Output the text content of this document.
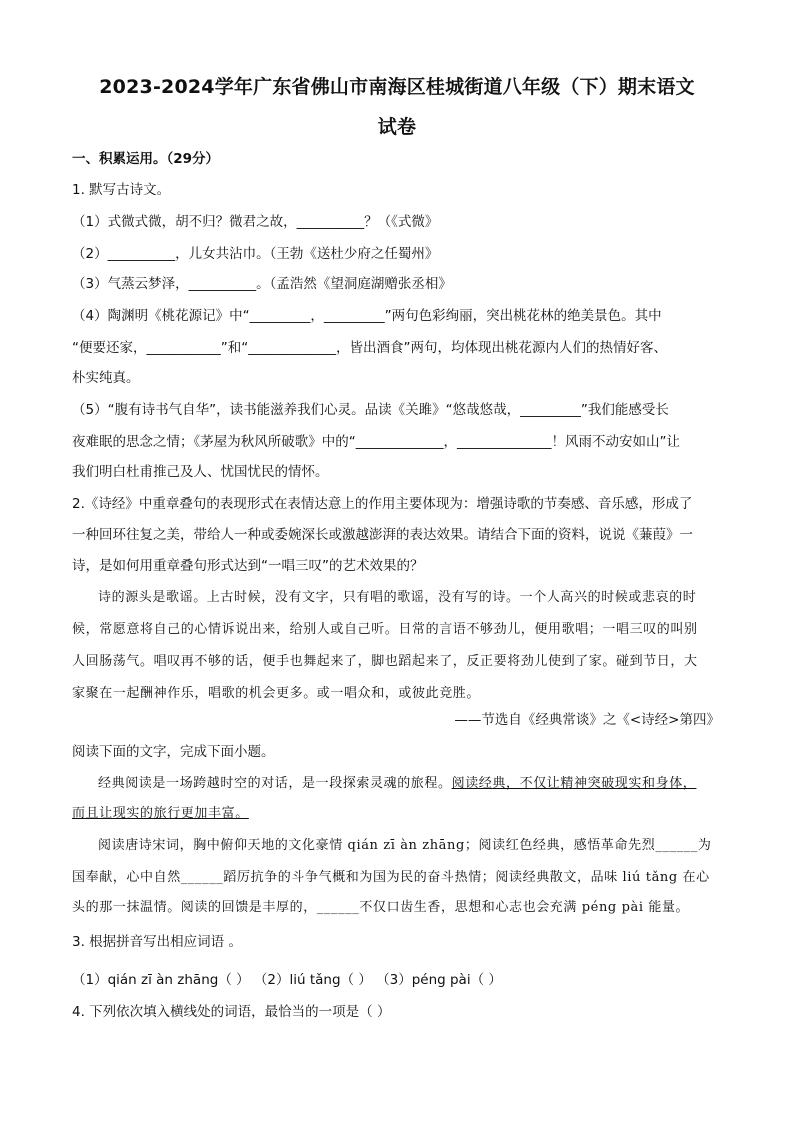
2023-2024学年广东省佛山市南海区桂城街道八年级（下）期末语文
试卷
一、积累运用。（29分）
1. 默写古诗文。
（1）式微式微，胡不归？微君之故，__________？（《式微》
（2）__________，儿女共沾巾。（王勃《送杜少府之任蜀州》
（3）气蒸云梦泽，__________。（孟浩然《望洞庭湖赠张丞相》
（4）陶渊明《桃花源记》中“_________，_________”两句色彩绚丽，突出桃花林的绝美景色。其中
“便要还家，___________”和“_____________，皆出酒食”两句，均体现出桃花源内人们的热情好客、
朴实纯真。
（5）“腹有诗书气自华”，读书能滋养我们心灵。品读《关雎》“悠哉悠哉，_________”我们能感受长
夜难眠的思念之情；《茅屋为秋风所破歌》中的“_____________，______________！风雨不动安如山”让
我们明白杜甫推己及人、忧国忧民的情怀。
2.《诗经》中重章叠句的表现形式在表情达意上的作用主要体现为：增强诗歌的节奏感、音乐感，形成了
一种回环往复之美，带给人一种或委婉深长或激越澎湃的表达效果。请结合下面的资料，说说《蒹葭》一
诗，是如何用重章叠句形式达到“一唱三叹”的艺术效果的？
诗的源头是歌谣。上古时候，没有文字，只有唱的歌谣，没有写的诗。一个人高兴的时候或悲哀的时
候，常愿意将自己的心情诉说出来，给别人或自己听。日常的言语不够劲儿，便用歌唱；一唱三叹的叫别
人回肠荡气。唱叹再不够的话，便手也舞起来了，脚也蹈起来了，反正要将劲儿使到了家。碰到节日，大
家聚在一起酬神作乐，唱歌的机会更多。或一唱众和，或彼此竞胜。
——节选自《经典常谈》之《<诗经>第四》
阅读下面的文字，完成下面小题。
经典阅读是一场跨越时空的对话，是一段探索灵魂的旅程。阅读经典，不仅让精神突破现实和身体，
而且让现实的旅行更加丰富。
阅读唐诗宋词，胸中俯仰天地的文化豪情 qián zī àn zhāng；阅读红色经典，感悟革命先烈______为
国奉献，心中自然______蹈厉抗争的斗争气概和为国为民的奋斗热情；阅读经典散文，品味 liú tǎng 在心
头的那一抹温情。阅读的回馈是丰厚的，______不仅口齿生香，思想和心志也会充满 péng pài 能量。
3. 根据拼音写出相应词语 。
（1）qián zī àn zhāng（ ） （2）liú tǎng（ ） （3）péng pài（ ）
4. 下列依次填入横线处的词语，最恰当的一项是（ ）
